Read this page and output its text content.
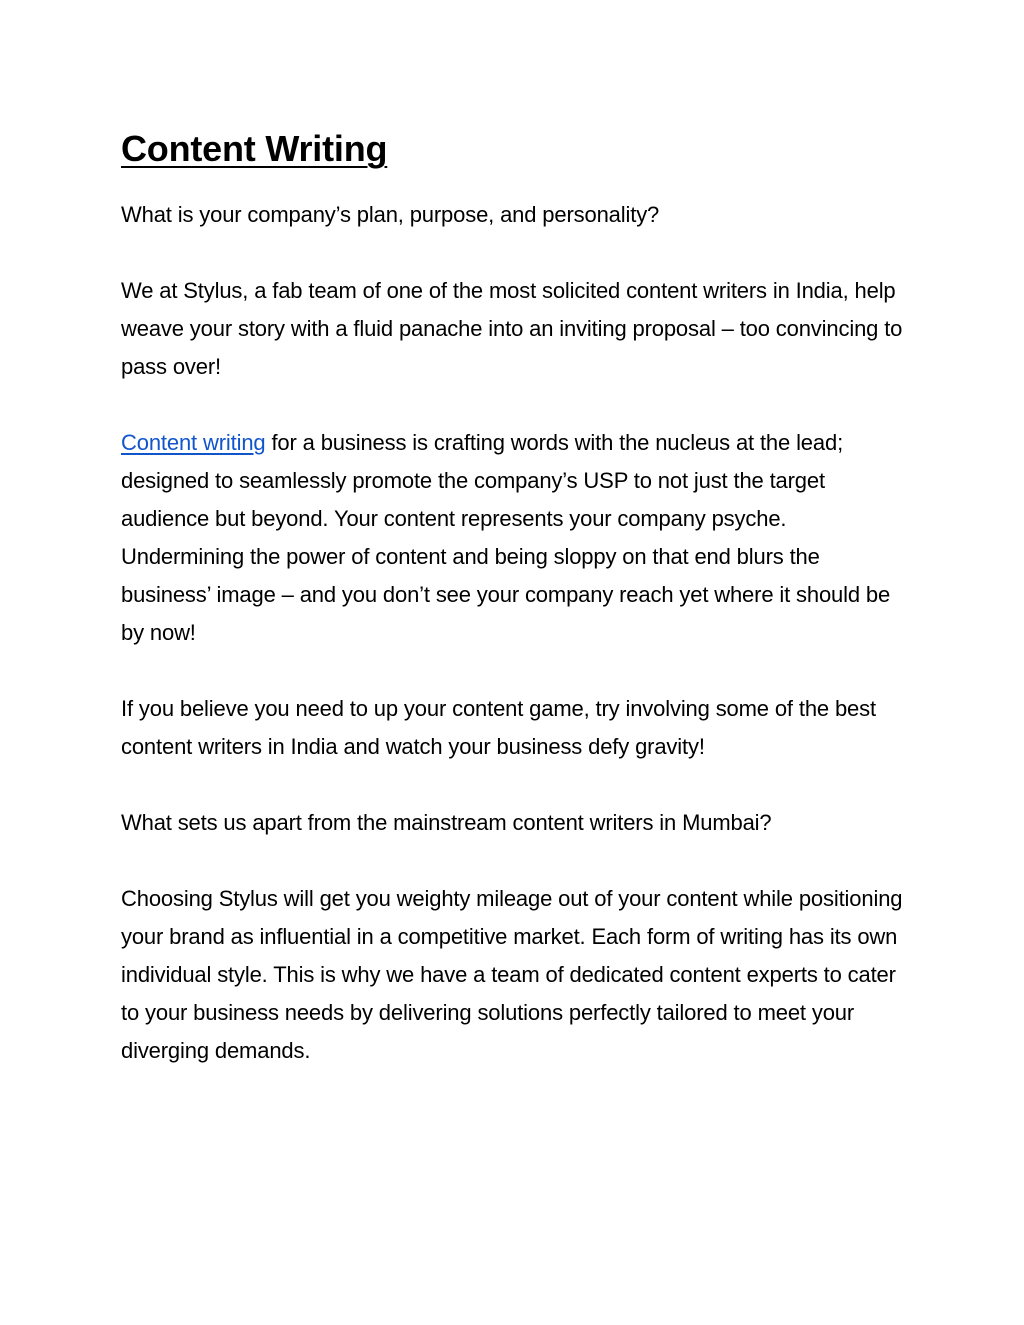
Content Writing

What is your company’s plan, purpose, and personality?

We at Stylus, a fab team of one of the most solicited content writers in India, help weave your story with a fluid panache into an inviting proposal – too convincing to pass over!

Content writing for a business is crafting words with the nucleus at the lead; designed to seamlessly promote the company’s USP to not just the target audience but beyond. Your content represents your company psyche. Undermining the power of content and being sloppy on that end blurs the business’ image – and you don’t see your company reach yet where it should be by now!

If you believe you need to up your content game, try involving some of the best content writers in India and watch your business defy gravity!

What sets us apart from the mainstream content writers in Mumbai?

Choosing Stylus will get you weighty mileage out of your content while positioning your brand as influential in a competitive market. Each form of writing has its own individual style. This is why we have a team of dedicated content experts to cater to your business needs by delivering solutions perfectly tailored to meet your diverging demands.
